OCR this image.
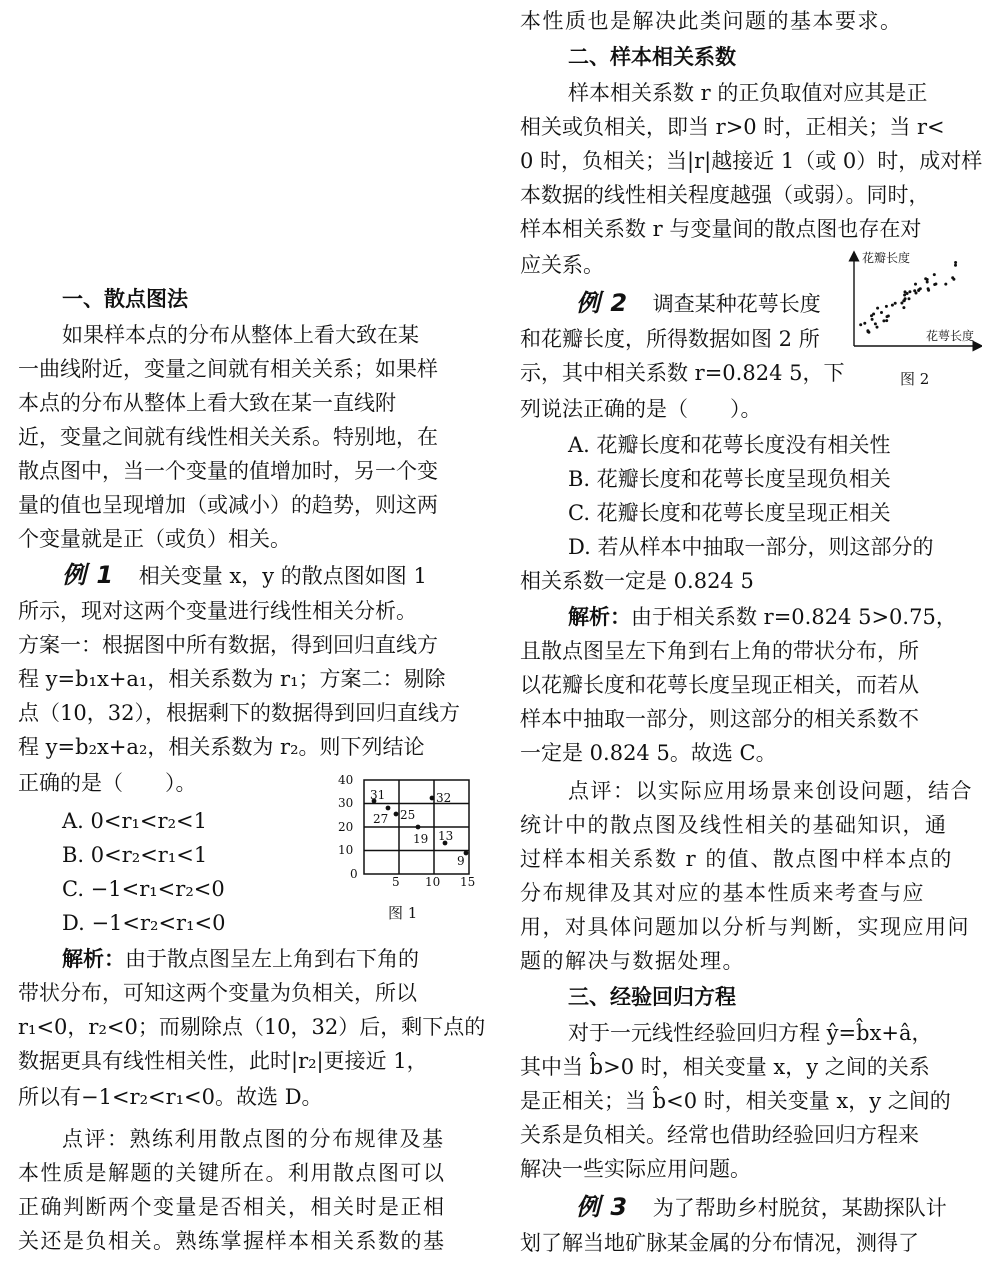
一、散点图法
如果样本点的分布从整体上看大致在某
一曲线附近，变量之间就有相关关系；如果样
本点的分布从整体上看大致在某一直线附
近，变量之间就有线性相关关系。特别地，在
散点图中，当一个变量的值增加时，另一个变
量的值也呈现增加（或减小）的趋势，则这两
个变量就是正（或负）相关。
例 1 相关变量 x，y 的散点图如图 1
所示，现对这两个变量进行线性相关分析。
方案一：根据图中所有数据，得到回归直线方
程 y=b₁x+a₁，相关系数为 r₁；方案二：剔除
点（10，32），根据剩下的数据得到回归直线方
程 y=b₂x+a₂，相关系数为 r₂。则下列结论
正确的是（　　）。
A. 0<r₁<r₂<1
B. 0<r₂<r₁<1
C. −1<r₁<r₂<0
D. −1<r₂<r₁<0
解析：由于散点图呈左上角到右下角的
带状分布，可知这两个变量为负相关，所以
r₁<0，r₂<0；而剔除点（10，32）后，剩下点的
数据更具有线性相关性，此时|r₂|更接近 1，
所以有−1<r₂<r₁<0。故选 D。
点评：熟练利用散点图的分布规律及基
本性质是解题的关键所在。利用散点图可以
正确判断两个变量是否相关，相关时是正相
关还是负相关。熟练掌握样本相关系数的基
40
30
20
10
0
5 10 15
31
27 25
32
19 13
9
图 1
本性质也是解决此类问题的基本要求。
二、样本相关系数
样本相关系数 r 的正负取值对应其是正
相关或负相关，即当 r>0 时，正相关；当 r<
0 时，负相关；当|r|越接近 1（或 0）时，成对样
本数据的线性相关程度越强（或弱）。同时，
样本相关系数 r 与变量间的散点图也存在对
应关系。
例 2 调查某种花萼长度
和花瓣长度，所得数据如图 2 所
示，其中相关系数 r=0.824 5，下
列说法正确的是（　　）。
A. 花瓣长度和花萼长度没有相关性
B. 花瓣长度和花萼长度呈现负相关
C. 花瓣长度和花萼长度呈现正相关
D. 若从样本中抽取一部分，则这部分的
相关系数一定是 0.824 5
解析：由于相关系数 r=0.824 5>0.75，
且散点图呈左下角到右上角的带状分布，所
以花瓣长度和花萼长度呈现正相关，而若从
样本中抽取一部分，则这部分的相关系数不
一定是 0.824 5。故选 C。
点评：以实际应用场景来创设问题，结合
统计中的散点图及线性相关的基础知识，通
过样本相关系数 r 的值、散点图中样本点的
分布规律及其对应的基本性质来考查与应
用，对具体问题加以分析与判断，实现应用问
题的解决与数据处理。
三、经验回归方程
对于一元线性经验回归方程 ŷ=b̂x+â，
其中当 b̂>0 时，相关变量 x，y 之间的关系
是正相关；当 b̂<0 时，相关变量 x，y 之间的
关系是负相关。经常也借助经验回归方程来
解决一些实际应用问题。
例 3 为了帮助乡村脱贫，某勘探队计
划了解当地矿脉某金属的分布情况，测得了
花瓣长度
花萼长度
图 2
